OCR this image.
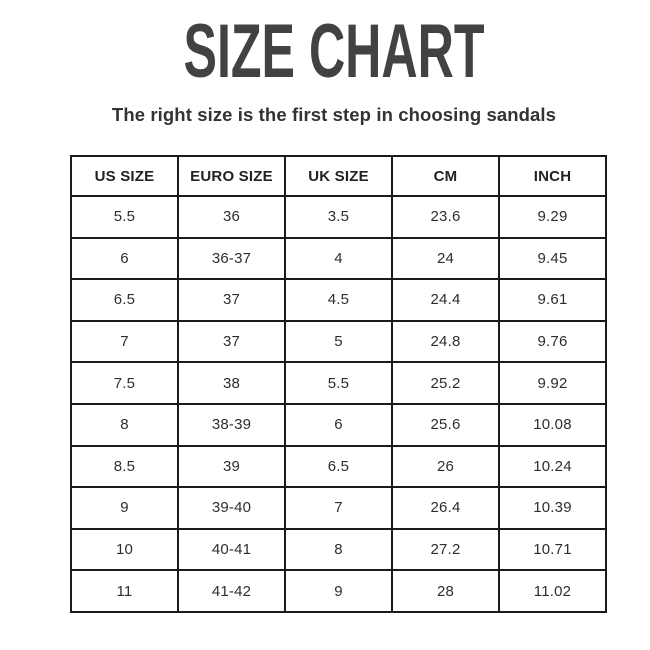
SIZE CHART
The right size is the first step in choosing sandals
US SIZE	EURO SIZE	UK SIZE	CM	INCH
5.5	36	3.5	23.6	9.29
6	36-37	4	24	9.45
6.5	37	4.5	24.4	9.61
7	37	5	24.8	9.76
7.5	38	5.5	25.2	9.92
8	38-39	6	25.6	10.08
8.5	39	6.5	26	10.24
9	39-40	7	26.4	10.39
10	40-41	8	27.2	10.71
11	41-42	9	28	11.02
